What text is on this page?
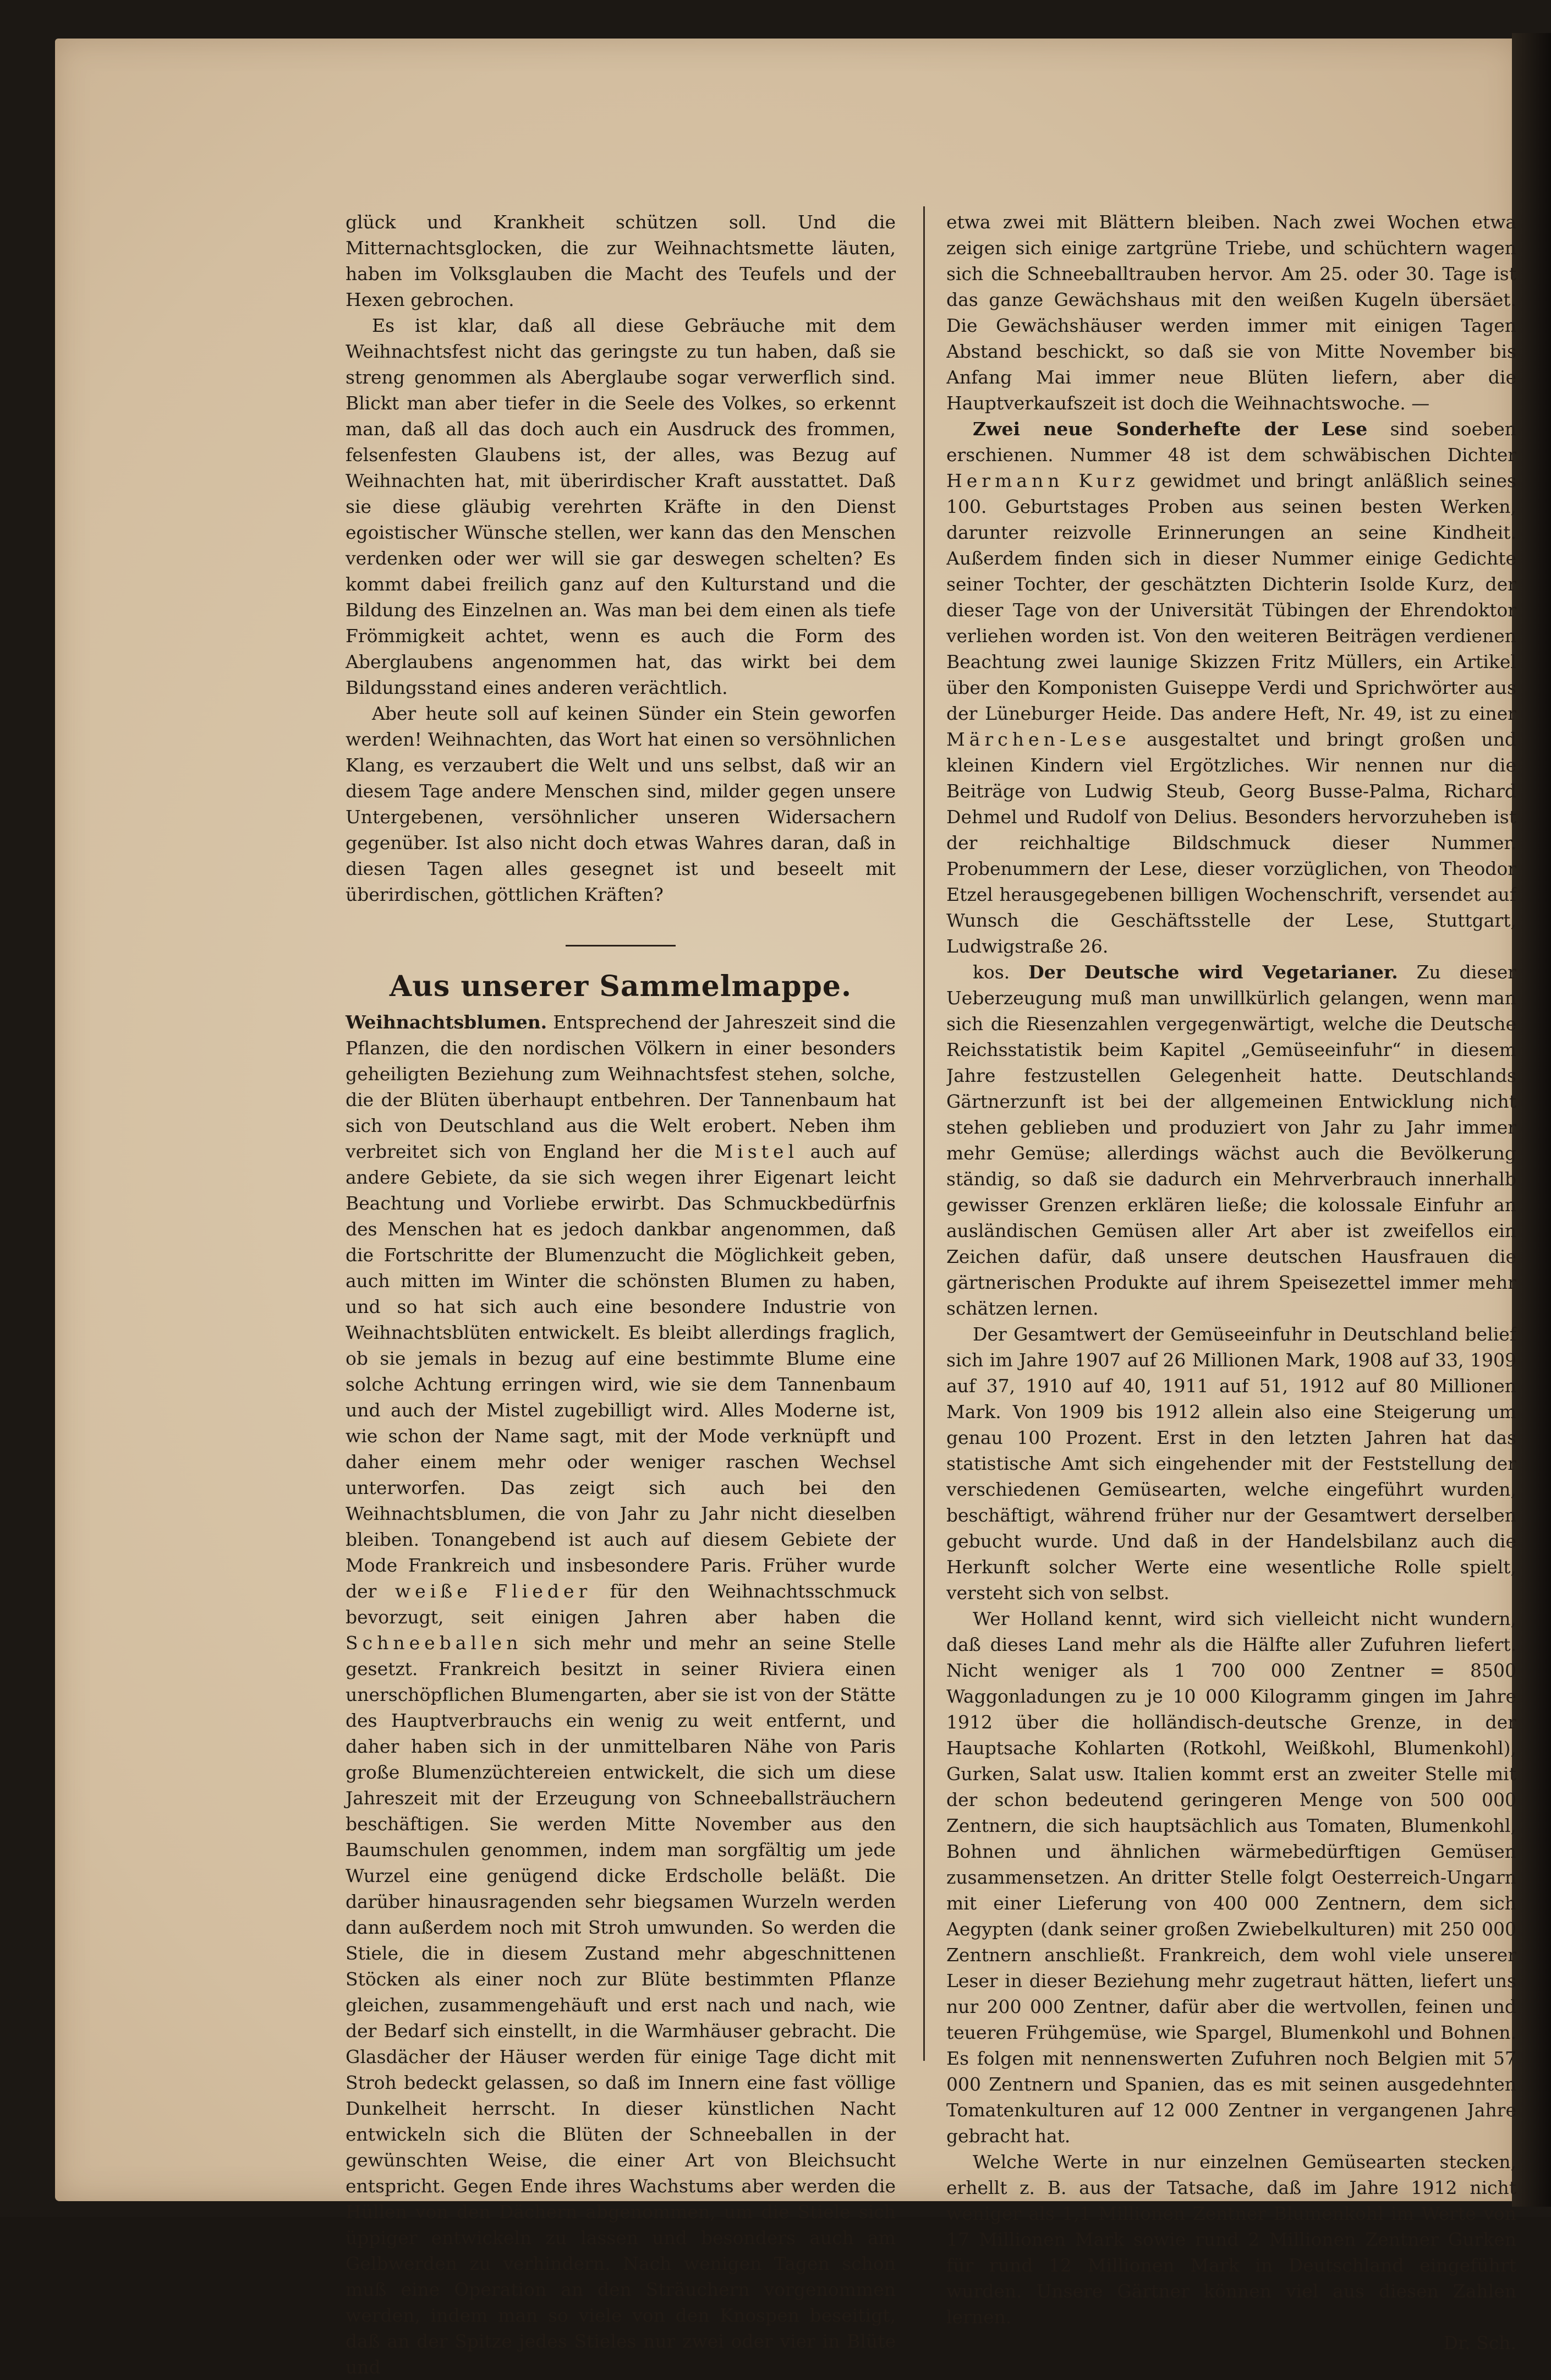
glück und Krankheit schützen soll. Und die Mitternachtsglocken, die zur Weihnachtsmette läuten, haben im Volksglauben die Macht des Teufels und der Hexen gebrochen.

Es ist klar, daß all diese Gebräuche mit dem Weihnachtsfest nicht das geringste zu tun haben, daß sie streng genommen als Aberglaube sogar verwerflich sind. Blickt man aber tiefer in die Seele des Volkes, so erkennt man, daß all das doch auch ein Ausdruck des frommen, felsenfesten Glaubens ist, der alles, was Bezug auf Weihnachten hat, mit überirdischer Kraft ausstattet. Daß sie diese gläubig verehrten Kräfte in den Dienst egoistischer Wünsche stellen, wer kann das den Menschen verdenken oder wer will sie gar deswegen schelten? Es kommt dabei freilich ganz auf den Kulturstand und die Bildung des Einzelnen an. Was man bei dem einen als tiefe Frömmigkeit achtet, wenn es auch die Form des Aberglaubens angenommen hat, das wirkt bei dem Bildungsstand eines anderen verächtlich.

Aber heute soll auf keinen Sünder ein Stein geworfen werden! Weihnachten, das Wort hat einen so versöhnlichen Klang, es verzaubert die Welt und uns selbst, daß wir an diesem Tage andere Menschen sind, milder gegen unsere Untergebenen, versöhnlicher unseren Widersachern gegenüber. Ist also nicht doch etwas Wahres daran, daß in diesen Tagen alles gesegnet ist und beseelt mit überirdischen, göttlichen Kräften?

Aus unserer Sammelmappe.

Weihnachtsblumen. Entsprechend der Jahreszeit sind die Pflanzen, die den nordischen Völkern in einer besonders geheiligten Beziehung zum Weihnachtsfest stehen, solche, die der Blüten überhaupt entbehren. Der Tannenbaum hat sich von Deutschland aus die Welt erobert. Neben ihm verbreitet sich von England her die Mistel auch auf andere Gebiete, da sie sich wegen ihrer Eigenart leicht Beachtung und Vorliebe erwirbt. Das Schmuckbedürfnis des Menschen hat es jedoch dankbar angenommen, daß die Fortschritte der Blumenzucht die Möglichkeit geben, auch mitten im Winter die schönsten Blumen zu haben, und so hat sich auch eine besondere Industrie von Weihnachtsblüten entwickelt. Es bleibt allerdings fraglich, ob sie jemals in bezug auf eine bestimmte Blume eine solche Achtung erringen wird, wie sie dem Tannenbaum und auch der Mistel zugebilligt wird. Alles Moderne ist, wie schon der Name sagt, mit der Mode verknüpft und daher einem mehr oder weniger raschen Wechsel unterworfen. Das zeigt sich auch bei den Weihnachtsblumen, die von Jahr zu Jahr nicht dieselben bleiben. Tonangebend ist auch auf diesem Gebiete der Mode Frankreich und insbesondere Paris. Früher wurde der weiße Flieder für den Weihnachtsschmuck bevorzugt, seit einigen Jahren aber haben die Schneeballen sich mehr und mehr an seine Stelle gesetzt. Frankreich besitzt in seiner Riviera einen unerschöpflichen Blumengarten, aber sie ist von der Stätte des Hauptverbrauchs ein wenig zu weit entfernt, und daher haben sich in der unmittelbaren Nähe von Paris große Blumenzüchtereien entwickelt, die sich um diese Jahreszeit mit der Erzeugung von Schneeballsträuchern beschäftigen. Sie werden Mitte November aus den Baumschulen genommen, indem man sorgfältig um jede Wurzel eine genügend dicke Erdscholle beläßt. Die darüber hinausragenden sehr biegsamen Wurzeln werden dann außerdem noch mit Stroh umwunden. So werden die Stiele, die in diesem Zustand mehr abgeschnittenen Stöcken als einer noch zur Blüte bestimmten Pflanze gleichen, zusammengehäuft und erst nach und nach, wie der Bedarf sich einstellt, in die Warmhäuser gebracht. Die Glasdächer der Häuser werden für einige Tage dicht mit Stroh bedeckt gelassen, so daß im Innern eine fast völlige Dunkelheit herrscht. In dieser künstlichen Nacht entwickeln sich die Blüten der Schneeballen in der gewünschten Weise, die einer Art von Bleichsucht entspricht. Gegen Ende ihres Wachstums aber werden die Hüllen von den Dächern abgenommen, um die Stiele sich üppiger entwickeln zu lassen und besonders auch am Gelbwerden zu verhindern. Nach wenigen Tagen schon muß eine Operation an den Sträuchern vorgenommen werden, indem man so viele von den Knospen beseitigt, daß an der Spitze jedes Stieles nur zwei oder vier in Blüte und

etwa zwei mit Blättern bleiben. Nach zwei Wochen etwa zeigen sich einige zartgrüne Triebe, und schüchtern wagen sich die Schneeballtrauben hervor. Am 25. oder 30. Tage ist das ganze Gewächshaus mit den weißen Kugeln übersäet. Die Gewächshäuser werden immer mit einigen Tagen Abstand beschickt, so daß sie von Mitte November bis Anfang Mai immer neue Blüten liefern, aber die Hauptverkaufszeit ist doch die Weihnachtswoche. —

Zwei neue Sonderhefte der Lese sind soeben erschienen. Nummer 48 ist dem schwäbischen Dichter Hermann Kurz gewidmet und bringt anläßlich seines 100. Geburtstages Proben aus seinen besten Werken, darunter reizvolle Erinnerungen an seine Kindheit. Außerdem finden sich in dieser Nummer einige Gedichte seiner Tochter, der geschätzten Dichterin Isolde Kurz, der dieser Tage von der Universität Tübingen der Ehrendoktor verliehen worden ist. Von den weiteren Beiträgen verdienen Beachtung zwei launige Skizzen Fritz Müllers, ein Artikel über den Komponisten Guiseppe Verdi und Sprichwörter aus der Lüneburger Heide. Das andere Heft, Nr. 49, ist zu einer Märchen-Lese ausgestaltet und bringt großen und kleinen Kindern viel Ergötzliches. Wir nennen nur die Beiträge von Ludwig Steub, Georg Busse-Palma, Richard Dehmel und Rudolf von Delius. Besonders hervorzuheben ist der reichhaltige Bildschmuck dieser Nummer. Probenummern der Lese, dieser vorzüglichen, von Theodor Etzel herausgegebenen billigen Wochenschrift, versendet auf Wunsch die Geschäftsstelle der Lese, Stuttgart, Ludwigstraße 26.

kos. Der Deutsche wird Vegetarianer. Zu dieser Ueberzeugung muß man unwillkürlich gelangen, wenn man sich die Riesenzahlen vergegenwärtigt, welche die Deutsche Reichsstatistik beim Kapitel „Gemüseeinfuhr“ in diesem Jahre festzustellen Gelegenheit hatte. Deutschlands Gärtnerzunft ist bei der allgemeinen Entwicklung nicht stehen geblieben und produziert von Jahr zu Jahr immer mehr Gemüse; allerdings wächst auch die Bevölkerung ständig, so daß sie dadurch ein Mehrverbrauch innerhalb gewisser Grenzen erklären ließe; die kolossale Einfuhr an ausländischen Gemüsen aller Art aber ist zweifellos ein Zeichen dafür, daß unsere deutschen Hausfrauen die gärtnerischen Produkte auf ihrem Speisezettel immer mehr schätzen lernen.

Der Gesamtwert der Gemüseeinfuhr in Deutschland belief sich im Jahre 1907 auf 26 Millionen Mark, 1908 auf 33, 1909 auf 37, 1910 auf 40, 1911 auf 51, 1912 auf 80 Millionen Mark. Von 1909 bis 1912 allein also eine Steigerung um genau 100 Prozent. Erst in den letzten Jahren hat das statistische Amt sich eingehender mit der Feststellung der verschiedenen Gemüsearten, welche eingeführt wurden, beschäftigt, während früher nur der Gesamtwert derselben gebucht wurde. Und daß in der Handelsbilanz auch die Herkunft solcher Werte eine wesentliche Rolle spielt, versteht sich von selbst.

Wer Holland kennt, wird sich vielleicht nicht wundern, daß dieses Land mehr als die Hälfte aller Zufuhren liefert. Nicht weniger als 1 700 000 Zentner = 8500 Waggonladungen zu je 10 000 Kilogramm gingen im Jahre 1912 über die holländisch-deutsche Grenze, in der Hauptsache Kohlarten (Rotkohl, Weißkohl, Blumenkohl), Gurken, Salat usw. Italien kommt erst an zweiter Stelle mit der schon bedeutend geringeren Menge von 500 000 Zentnern, die sich hauptsächlich aus Tomaten, Blumenkohl, Bohnen und ähnlichen wärmebedürftigen Gemüsen zusammensetzen. An dritter Stelle folgt Oesterreich-Ungarn mit einer Lieferung von 400 000 Zentnern, dem sich Aegypten (dank seiner großen Zwiebelkulturen) mit 250 000 Zentnern anschließt. Frankreich, dem wohl viele unserer Leser in dieser Beziehung mehr zugetraut hätten, liefert uns nur 200 000 Zentner, dafür aber die wertvollen, feinen und teueren Frühgemüse, wie Spargel, Blumenkohl und Bohnen. Es folgen mit nennenswerten Zufuhren noch Belgien mit 57 000 Zentnern und Spanien, das es mit seinen ausgedehnten Tomatenkulturen auf 12 000 Zentner in vergangenen Jahre gebracht hat.

Welche Werte in nur einzelnen Gemüsearten stecken, erhellt z. B. aus der Tatsache, daß im Jahre 1912 nicht weniger als 1,1 Millionen Zentner Blumenkohl im Werte von 17 Millionen Mark sowie rund 2 Millionen Zentner Gurken für rund 12 Millionen Mark in Deutschland eingeführt wurden. Unsere Gärtner können viel aus diesen Zahlen lernen.

Dr. Sch.
